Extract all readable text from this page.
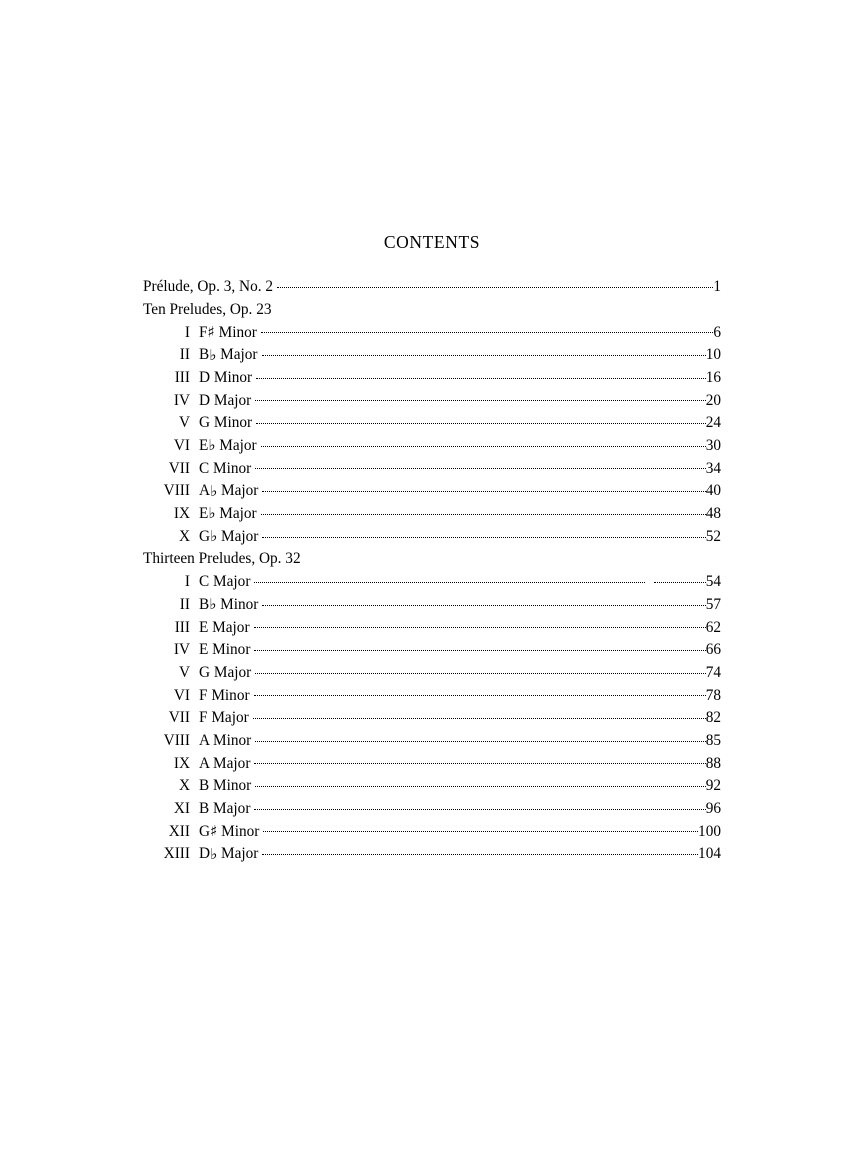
CONTENTS
Prélude, Op. 3, No. 2	1
Ten Preludes, Op. 23
I F♯ Minor	6
II B♭ Major	10
III D Minor	16
IV D Major	20
V G Minor	24
VI E♭ Major	30
VII C Minor	34
VIII A♭ Major	40
IX E♭ Major	48
X G♭ Major	52
Thirteen Preludes, Op. 32
I C Major	54
II B♭ Minor	57
III E Major	62
IV E Minor	66
V G Major	74
VI F Minor	78
VII F Major	82
VIII A Minor	85
IX A Major	88
X B Minor	92
XI B Major	96
XII G♯ Minor	100
XIII D♭ Major	104
